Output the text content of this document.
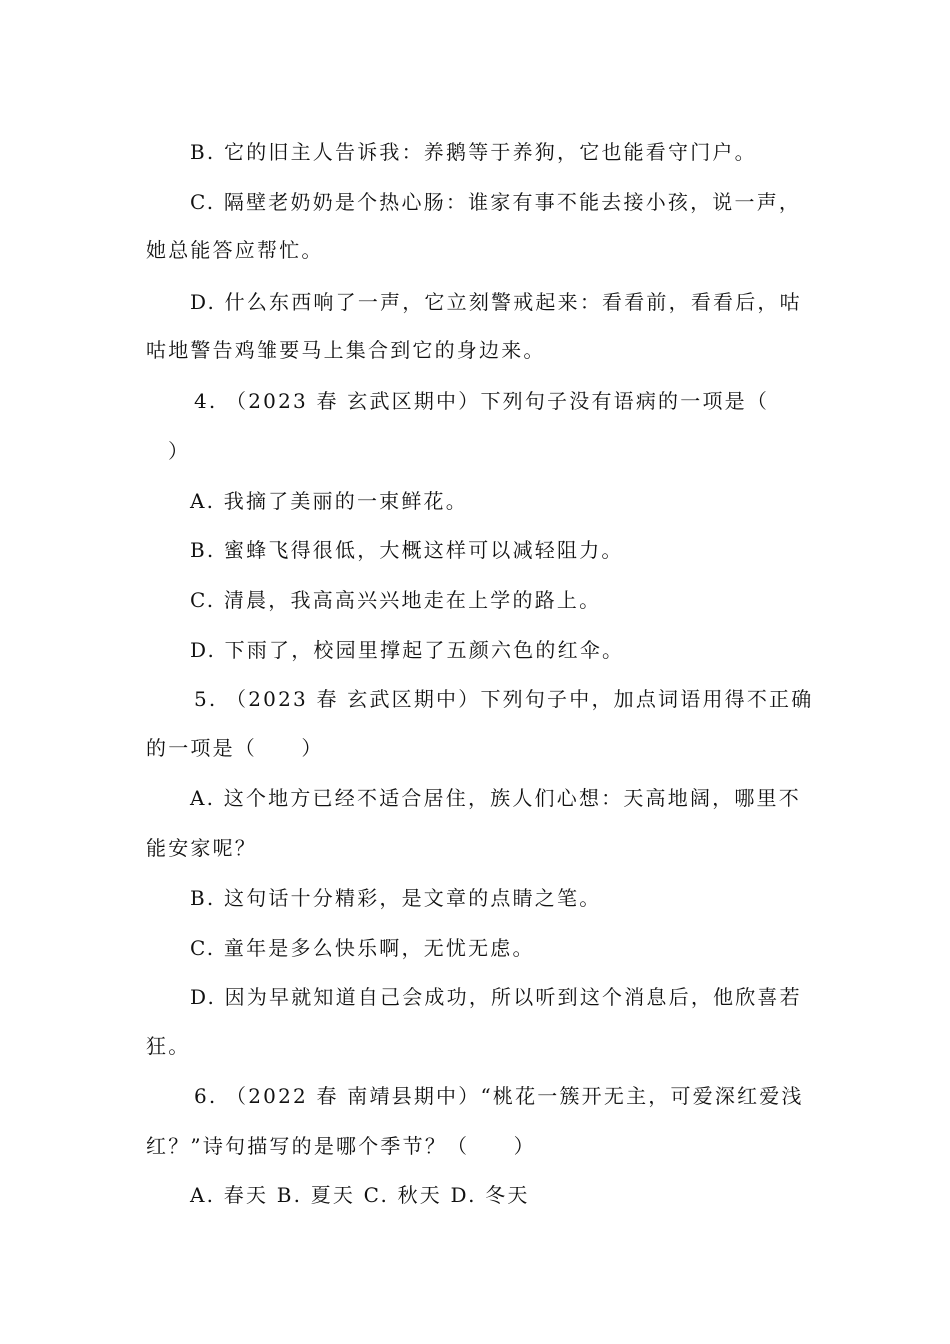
B. 它的旧主人告诉我：养鹅等于养狗，它也能看守门户。
C. 隔壁老奶奶是个热心肠：谁家有事不能去接小孩，说一声，
她总能答应帮忙。
D. 什么东西响了一声，它立刻警戒起来：看看前，看看后，咕
咕地警告鸡雏要马上集合到它的身边来。
4. （2023 春 玄武区期中）下列句子没有语病的一项是（
）
A. 我摘了美丽的一束鲜花。
B. 蜜蜂飞得很低，大概这样可以减轻阻力。
C. 清晨，我高高兴兴地走在上学的路上。
D. 下雨了，校园里撑起了五颜六色的红伞。
5. （2023 春 玄武区期中）下列句子中，加点词语用得不正确
的一项是（　　）
A. 这个地方已经不适合居住，族人们心想：天高地阔，哪里不
能安家呢？
B. 这句话十分精彩，是文章的点睛之笔。
C. 童年是多么快乐啊，无忧无虑。
D. 因为早就知道自己会成功，所以听到这个消息后，他欣喜若
狂。
6. （2022 春 南靖县期中）“桃花一簇开无主，可爱深红爱浅
红？”诗句描写的是哪个季节？（　　）
A. 春天 B. 夏天 C. 秋天 D. 冬天
